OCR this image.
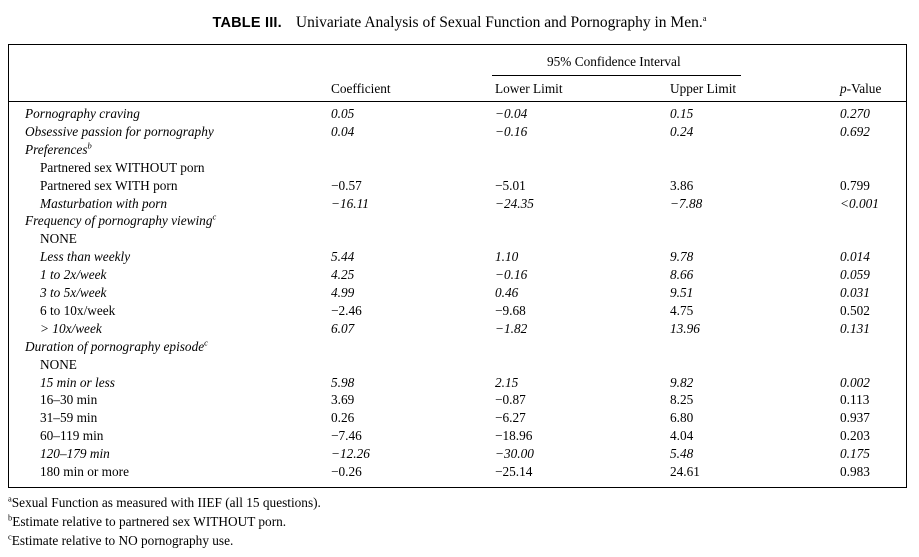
TABLE III. Univariate Analysis of Sexual Function and Pornography in Men.$^a$
95% Confidence Interval
Coefficient	Lower Limit	Upper Limit	p-Value
Pornography craving	0.05	−0.04	0.15	0.270
Obsessive passion for pornography	0.04	−0.16	0.24	0.692
Preferences$^b$
Partnered sex WITHOUT porn
Partnered sex WITH porn	−0.57	−5.01	3.86	0.799
Masturbation with porn	−16.11	−24.35	−7.88	<0.001
Frequency of pornography viewing$^c$
NONE
Less than weekly	5.44	1.10	9.78	0.014
1 to 2x/week	4.25	−0.16	8.66	0.059
3 to 5x/week	4.99	0.46	9.51	0.031
6 to 10x/week	−2.46	−9.68	4.75	0.502
> 10x/week	6.07	−1.82	13.96	0.131
Duration of pornography episode$^c$
NONE
15 min or less	5.98	2.15	9.82	0.002
16–30 min	3.69	−0.87	8.25	0.113
31–59 min	0.26	−6.27	6.80	0.937
60–119 min	−7.46	−18.96	4.04	0.203
120–179 min	−12.26	−30.00	5.48	0.175
180 min or more	−0.26	−25.14	24.61	0.983
$^a$Sexual Function as measured with IIEF (all 15 questions).
$^b$Estimate relative to partnered sex WITHOUT porn.
$^c$Estimate relative to NO pornography use.
